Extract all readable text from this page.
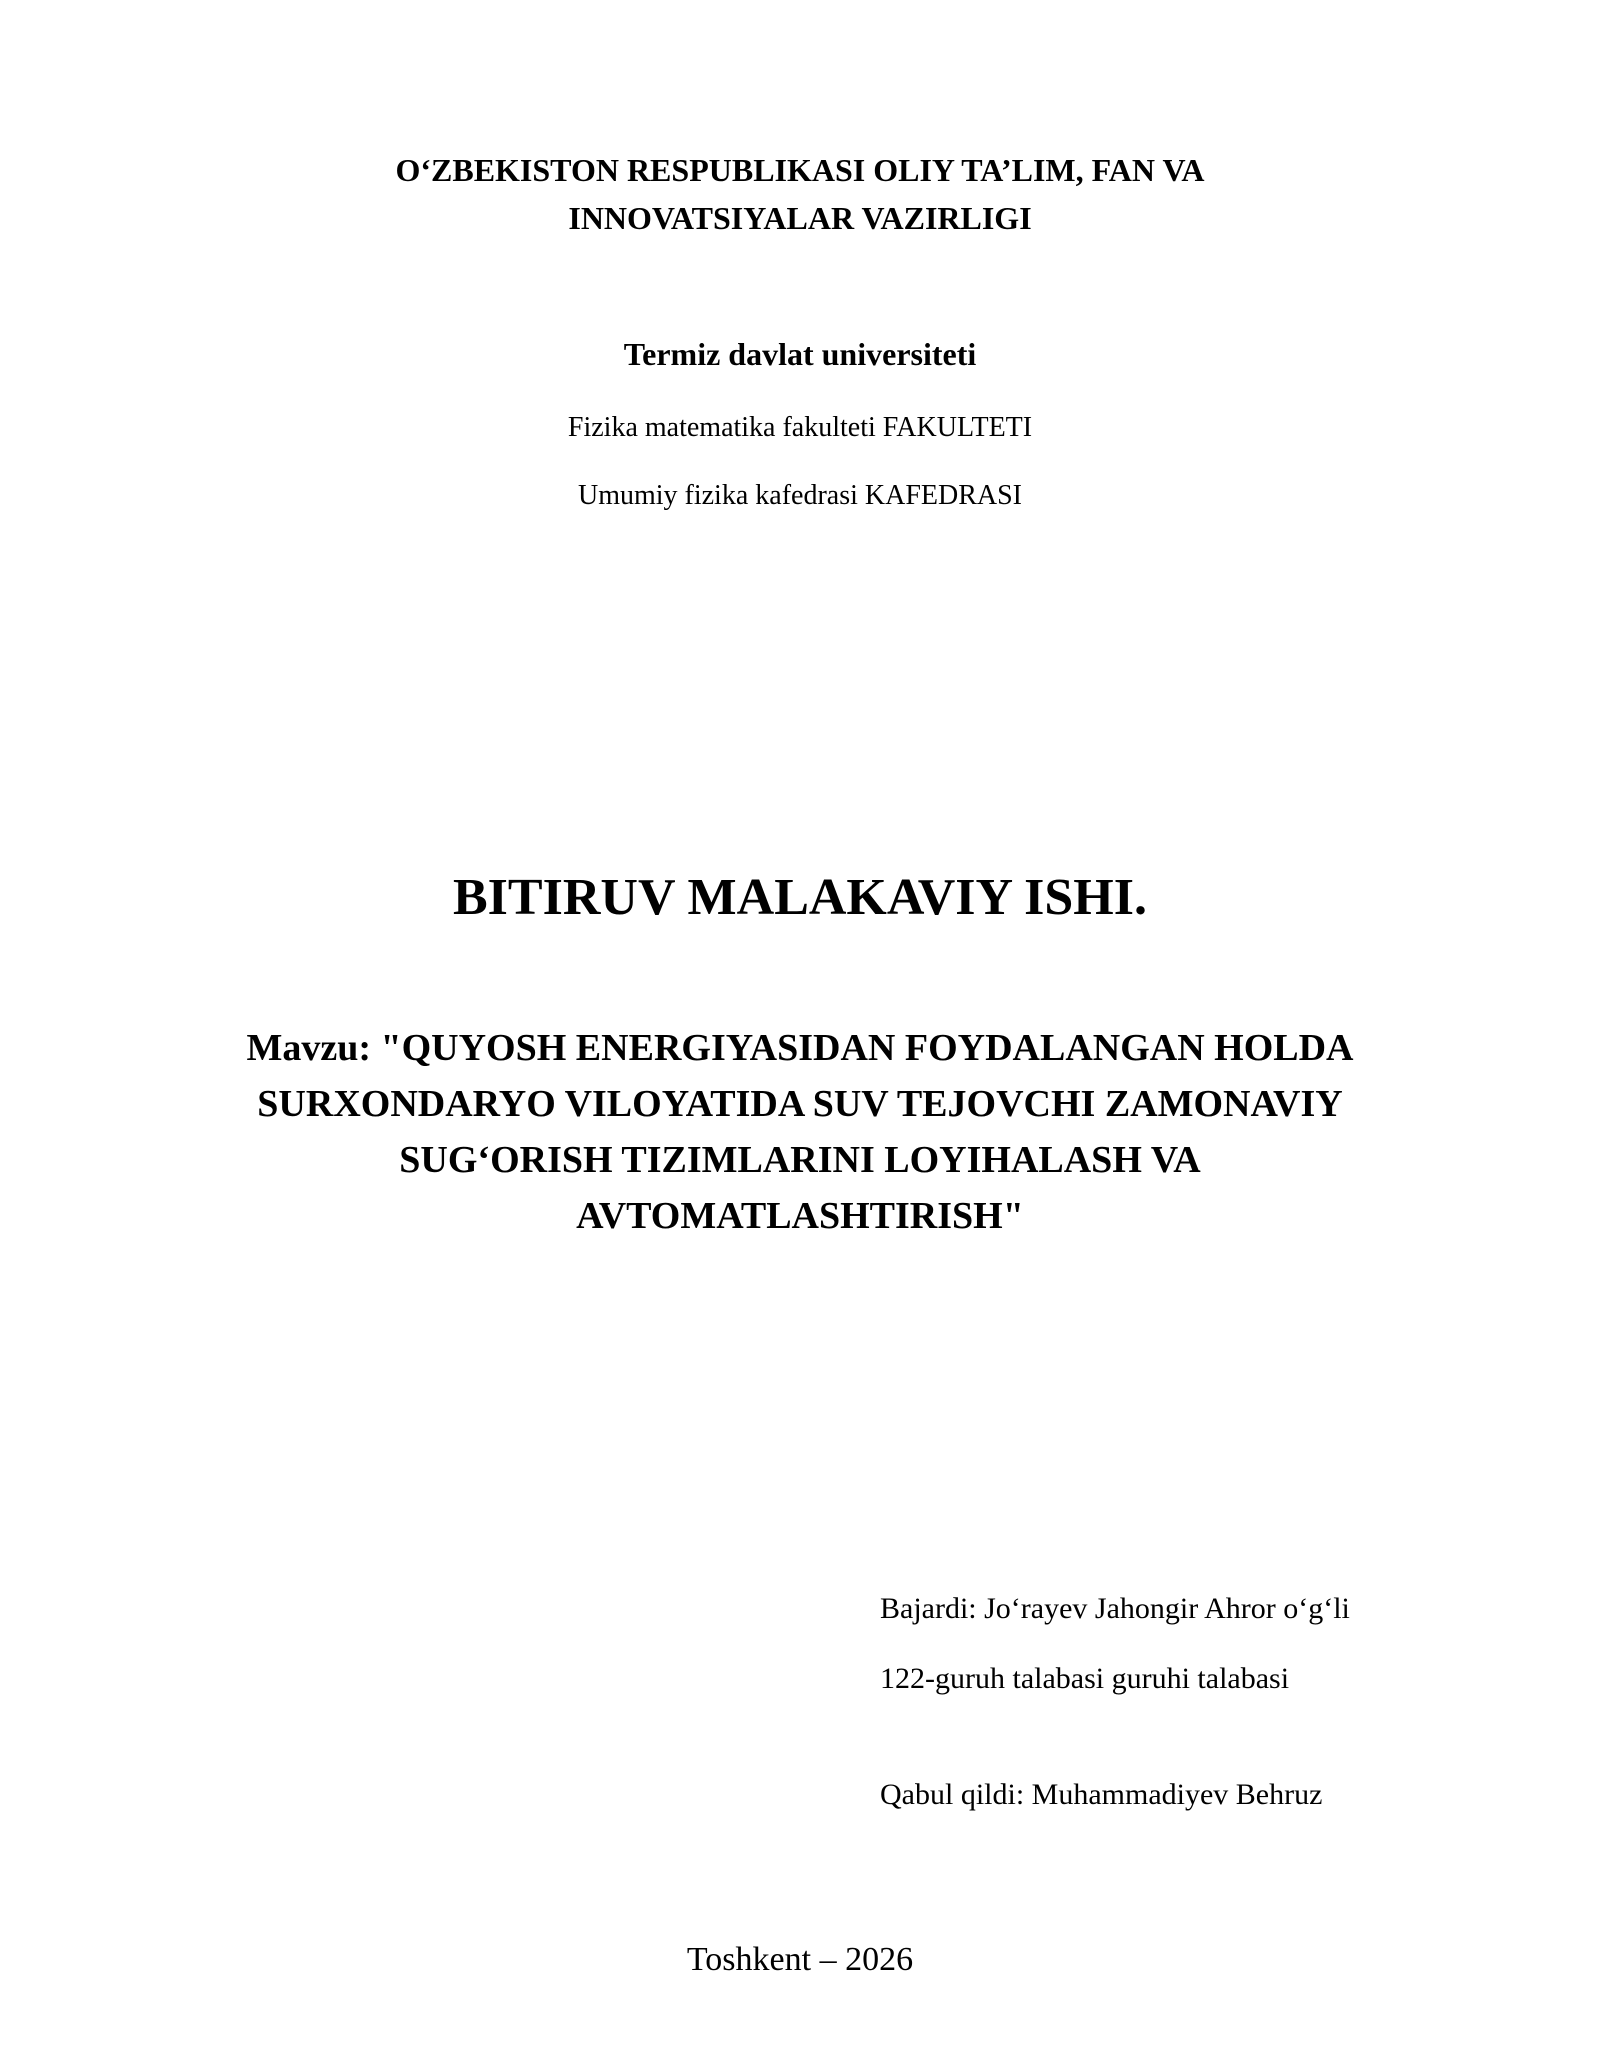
O‘ZBEKISTON RESPUBLIKASI OLIY TA’LIM, FAN VA
INNOVATSIYALAR VAZIRLIGI
Termiz davlat universiteti
Fizika matematika fakulteti FAKULTETI
Umumiy fizika kafedrasi KAFEDRASI
BITIRUV MALAKAVIY ISHI.
Mavzu: "QUYOSH ENERGIYASIDAN FOYDALANGAN HOLDA
SURXONDARYO VILOYATIDA SUV TEJOVCHI ZAMONAVIY
SUG‘ORISH TIZIMLARINI LOYIHALASH VA
AVTOMATLASHTIRISH"
Bajardi: Jo‘rayev Jahongir Ahror o‘g‘li
122-guruh talabasi guruhi talabasi
Qabul qildi: Muhammadiyev Behruz
Toshkent – 2026
